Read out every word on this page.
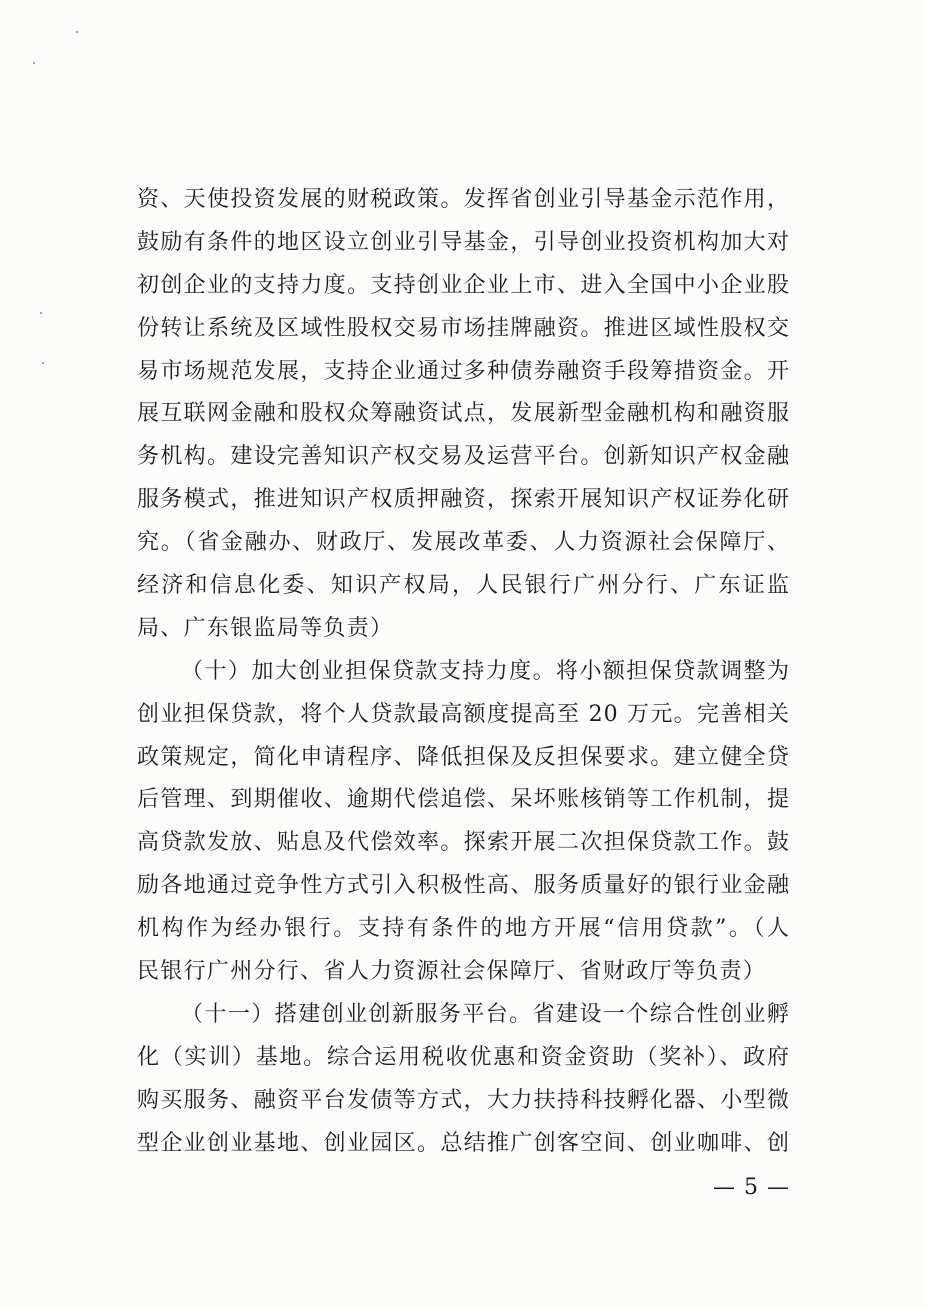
资、天使投资发展的财税政策。发挥省创业引导基金示范作用，
鼓励有条件的地区设立创业引导基金，引导创业投资机构加大对
初创企业的支持力度。支持创业企业上市、进入全国中小企业股
份转让系统及区域性股权交易市场挂牌融资。推进区域性股权交
易市场规范发展，支持企业通过多种债券融资手段筹措资金。开
展互联网金融和股权众筹融资试点，发展新型金融机构和融资服
务机构。建设完善知识产权交易及运营平台。创新知识产权金融
服务模式，推进知识产权质押融资，探索开展知识产权证券化研
究。（省金融办、财政厅、发展改革委、人力资源社会保障厅、
经济和信息化委、知识产权局，人民银行广州分行、广东证监
局、广东银监局等负责）
（十）加大创业担保贷款支持力度。将小额担保贷款调整为
创业担保贷款，将个人贷款最高额度提高至 20 万元。完善相关
政策规定，简化申请程序、降低担保及反担保要求。建立健全贷
后管理、到期催收、逾期代偿追偿、呆坏账核销等工作机制，提
高贷款发放、贴息及代偿效率。探索开展二次担保贷款工作。鼓
励各地通过竞争性方式引入积极性高、服务质量好的银行业金融
机构作为经办银行。支持有条件的地方开展“信用贷款”。（人
民银行广州分行、省人力资源社会保障厅、省财政厅等负责）
（十一）搭建创业创新服务平台。省建设一个综合性创业孵
化（实训）基地。综合运用税收优惠和资金资助（奖补）、政府
购买服务、融资平台发债等方式，大力扶持科技孵化器、小型微
型企业创业基地、创业园区。总结推广创客空间、创业咖啡、创
— 5 —
